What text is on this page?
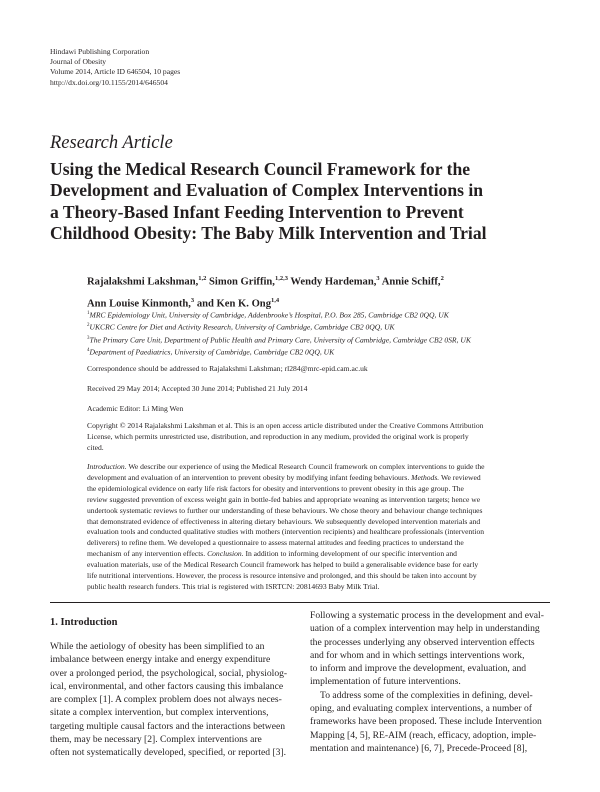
Hindawi Publishing Corporation
Journal of Obesity
Volume 2014, Article ID 646504, 10 pages
http://dx.doi.org/10.1155/2014/646504
Research Article
Using the Medical Research Council Framework for the
Development and Evaluation of Complex Interventions in
a Theory-Based Infant Feeding Intervention to Prevent
Childhood Obesity: The Baby Milk Intervention and Trial
Rajalakshmi Lakshman,$^{1,2}$ Simon Griffin,$^{1,2,3}$ Wendy Hardeman,$^3$ Annie Schiff,$^2$
Ann Louise Kinmonth,$^3$ and Ken K. Ong$^{1,4}$
$^1$MRC Epidemiology Unit, University of Cambridge, Addenbrooke’s Hospital, P.O. Box 285, Cambridge CB2 0QQ, UK
$^2$UKCRC Centre for Diet and Activity Research, University of Cambridge, Cambridge CB2 0QQ, UK
$^3$The Primary Care Unit, Department of Public Health and Primary Care, University of Cambridge, Cambridge CB2 0SR, UK
$^4$Department of Paediatrics, University of Cambridge, Cambridge CB2 0QQ, UK
Correspondence should be addressed to Rajalakshmi Lakshman; rl284@mrc-epid.cam.ac.uk
Received 29 May 2014; Accepted 30 June 2014; Published 21 July 2014
Academic Editor: Li Ming Wen
Copyright © 2014 Rajalakshmi Lakshman et al. This is an open access article distributed under the Creative Commons Attribution
License, which permits unrestricted use, distribution, and reproduction in any medium, provided the original work is properly
cited.
Introduction. We describe our experience of using the Medical Research Council framework on complex interventions to guide the
development and evaluation of an intervention to prevent obesity by modifying infant feeding behaviours. Methods. We reviewed
the epidemiological evidence on early life risk factors for obesity and interventions to prevent obesity in this age group. The
review suggested prevention of excess weight gain in bottle-fed babies and appropriate weaning as intervention targets; hence we
undertook systematic reviews to further our understanding of these behaviours. We chose theory and behaviour change techniques
that demonstrated evidence of effectiveness in altering dietary behaviours. We subsequently developed intervention materials and
evaluation tools and conducted qualitative studies with mothers (intervention recipients) and healthcare professionals (intervention
deliverers) to refine them. We developed a questionnaire to assess maternal attitudes and feeding practices to understand the
mechanism of any intervention effects. Conclusion. In addition to informing development of our specific intervention and
evaluation materials, use of the Medical Research Council framework has helped to build a generalisable evidence base for early
life nutritional interventions. However, the process is resource intensive and prolonged, and this should be taken into account by
public health research funders. This trial is registered with ISRTCN: 20814693 Baby Milk Trial.
1. Introduction
While the aetiology of obesity has been simplified to an
imbalance between energy intake and energy expenditure
over a prolonged period, the psychological, social, physiolog-
ical, environmental, and other factors causing this imbalance
are complex [1]. A complex problem does not always neces-
sitate a complex intervention, but complex interventions,
targeting multiple causal factors and the interactions between
them, may be necessary [2]. Complex interventions are
often not systematically developed, specified, or reported [3].
Following a systematic process in the development and eval-
uation of a complex intervention may help in understanding
the processes underlying any observed intervention effects
and for whom and in which settings interventions work,
to inform and improve the development, evaluation, and
implementation of future interventions.
To address some of the complexities in defining, devel-
oping, and evaluating complex interventions, a number of
frameworks have been proposed. These include Intervention
Mapping [4, 5], RE-AIM (reach, efficacy, adoption, imple-
mentation and maintenance) [6, 7], Precede-Proceed [8],
